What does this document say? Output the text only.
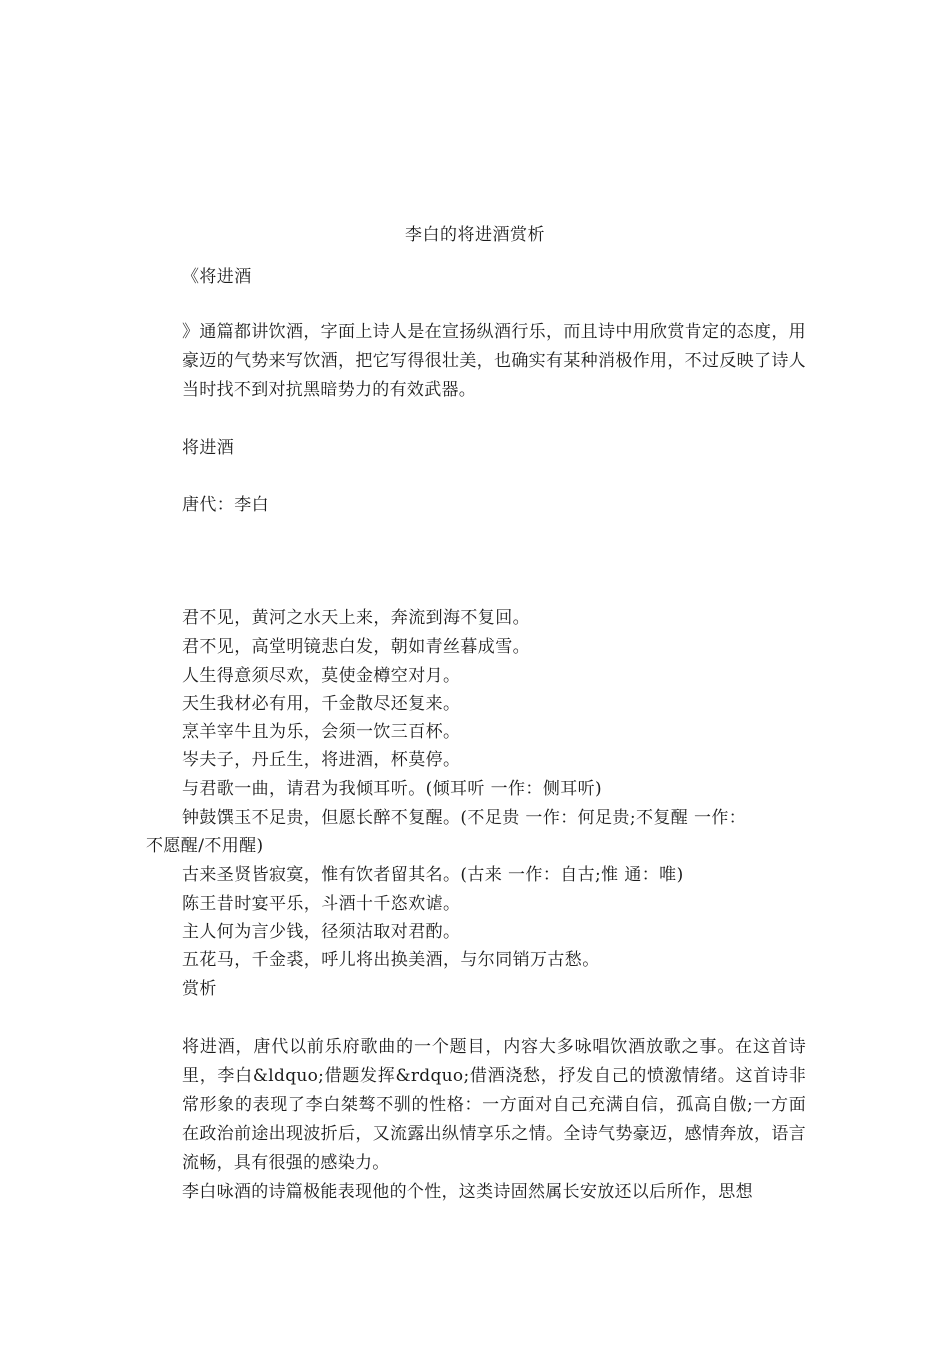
李白的将进酒赏析
《将进酒
》通篇都讲饮酒，字面上诗人是在宣扬纵酒行乐，而且诗中用欣赏肯定的态度，用豪迈的气势来写饮酒，把它写得很壮美，也确实有某种消极作用，不过反映了诗人当时找不到对抗黑暗势力的有效武器。
将进酒
唐代：李白
君不见，黄河之水天上来，奔流到海不复回。
君不见，高堂明镜悲白发，朝如青丝暮成雪。
人生得意须尽欢，莫使金樽空对月。
天生我材必有用，千金散尽还复来。
烹羊宰牛且为乐，会须一饮三百杯。
岑夫子，丹丘生，将进酒，杯莫停。
与君歌一曲，请君为我倾耳听。(倾耳听 一作：侧耳听)
钟鼓馔玉不足贵，但愿长醉不复醒。(不足贵 一作：何足贵;不复醒 一作：
不愿醒/不用醒)
古来圣贤皆寂寞，惟有饮者留其名。(古来 一作：自古;惟 通：唯)
陈王昔时宴平乐，斗酒十千恣欢谑。
主人何为言少钱，径须沽取对君酌。
五花马，千金裘，呼儿将出换美酒，与尔同销万古愁。
赏析
将进酒，唐代以前乐府歌曲的一个题目，内容大多咏唱饮酒放歌之事。在这首诗里，李白&ldquo;借题发挥&rdquo;借酒浇愁，抒发自己的愤激情绪。这首诗非常形象的表现了李白桀骜不驯的性格：一方面对自己充满自信，孤高自傲;一方面在政治前途出现波折后，又流露出纵情享乐之情。全诗气势豪迈，感情奔放，语言流畅，具有很强的感染力。
李白咏酒的诗篇极能表现他的个性，这类诗固然属长安放还以后所作，思想
